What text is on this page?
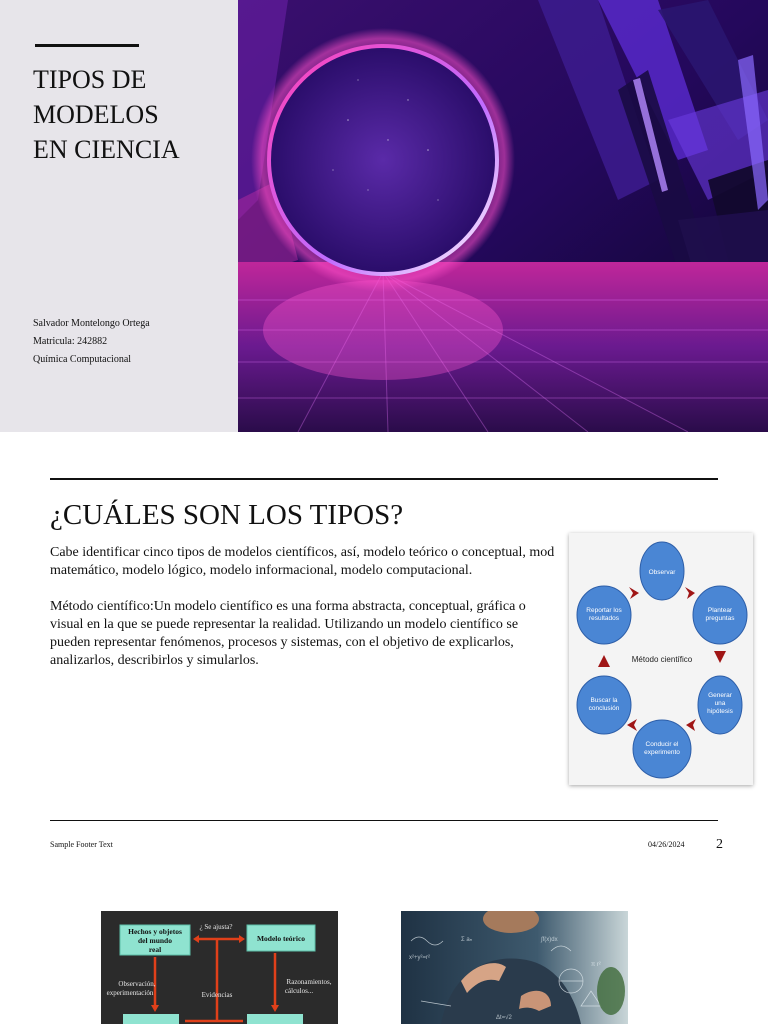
TIPOS DE
MODELOS
EN CIENCIA
Salvador Montelongo Ortega
Matricula: 242882
Química Computacional
¿CUÁLES SON LOS TIPOS?
Cabe identificar cinco tipos de modelos científicos, así, modelo teórico o conceptual, mod
matemático, modelo lógico, modelo informacional, modelo computacional.
Método científico:Un modelo científico es una forma abstracta, conceptual, gráfica o
visual en la que se puede representar la realidad. Utilizando un modelo científico se
pueden representar fenómenos, procesos y sistemas, con el objetivo de explicarlos,
analizarlos, describirlos y simularlos.
Observar
Plantear
preguntas
Generar
una
hipótesis
Conducir el
experimento
Buscar la
conclusión
Reportar los
resultados
Método científico
Sample Footer Text	04/26/2024 2
Hechos y objetos
del mundo
real
Modelo teórico
¿ Se ajusta?
Observación,
experimentación	Evidencias
Razonamientos,
cálculos...
x²+y²=r²
∫f(x)dx
Σ aₙ
Δt=√2
π r²
